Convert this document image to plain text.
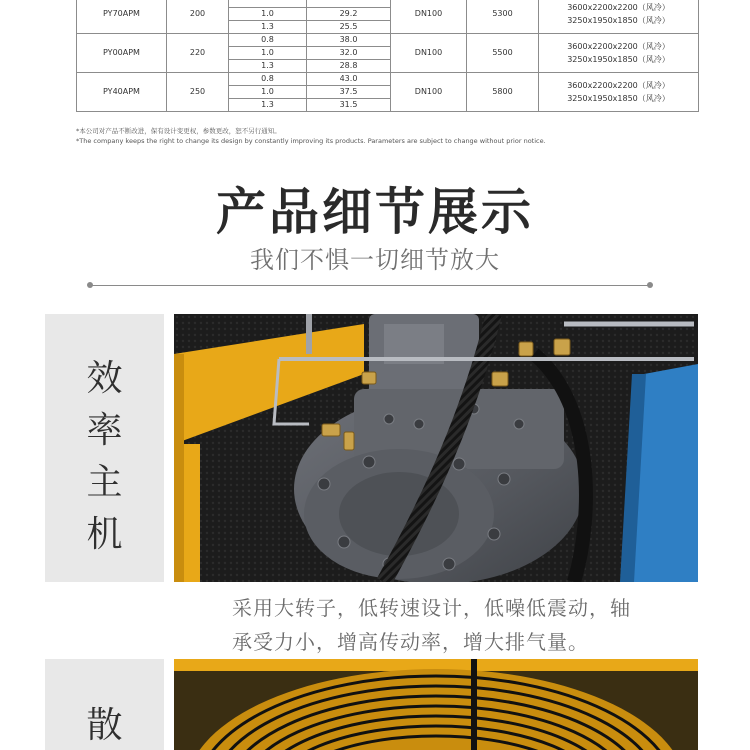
PY70APM	200			DN100	5300	3600x2200x2200（风冷）
3250x1950x1850（风冷）

		1.0	29.2			
		1.3	25.5			
PY00APM	220	0.8	38.0	DN100	5500	3600x2200x2200（风冷）
3250x1950x1850（风冷）

		1.0	32.0			
		1.3	28.8			
PY40APM	250	0.8	43.0	DN100	5800	3600x2200x2200（风冷）
3250x1950x1850（风冷）

		1.0	37.5			
		1.3	31.5			
*本公司对产品不断改进，保有设计变更权，参数更改，恕不另行通知。
*The company keeps the right to change its design by constantly improving its products. Parameters are subject to change without prior notice.
产品细节展示
我们不惧一切细节放大
效
率
主
机
采用大转子，低转速设计，低噪低震动，轴
承受力小，增高传动率，增大排气量。
散
